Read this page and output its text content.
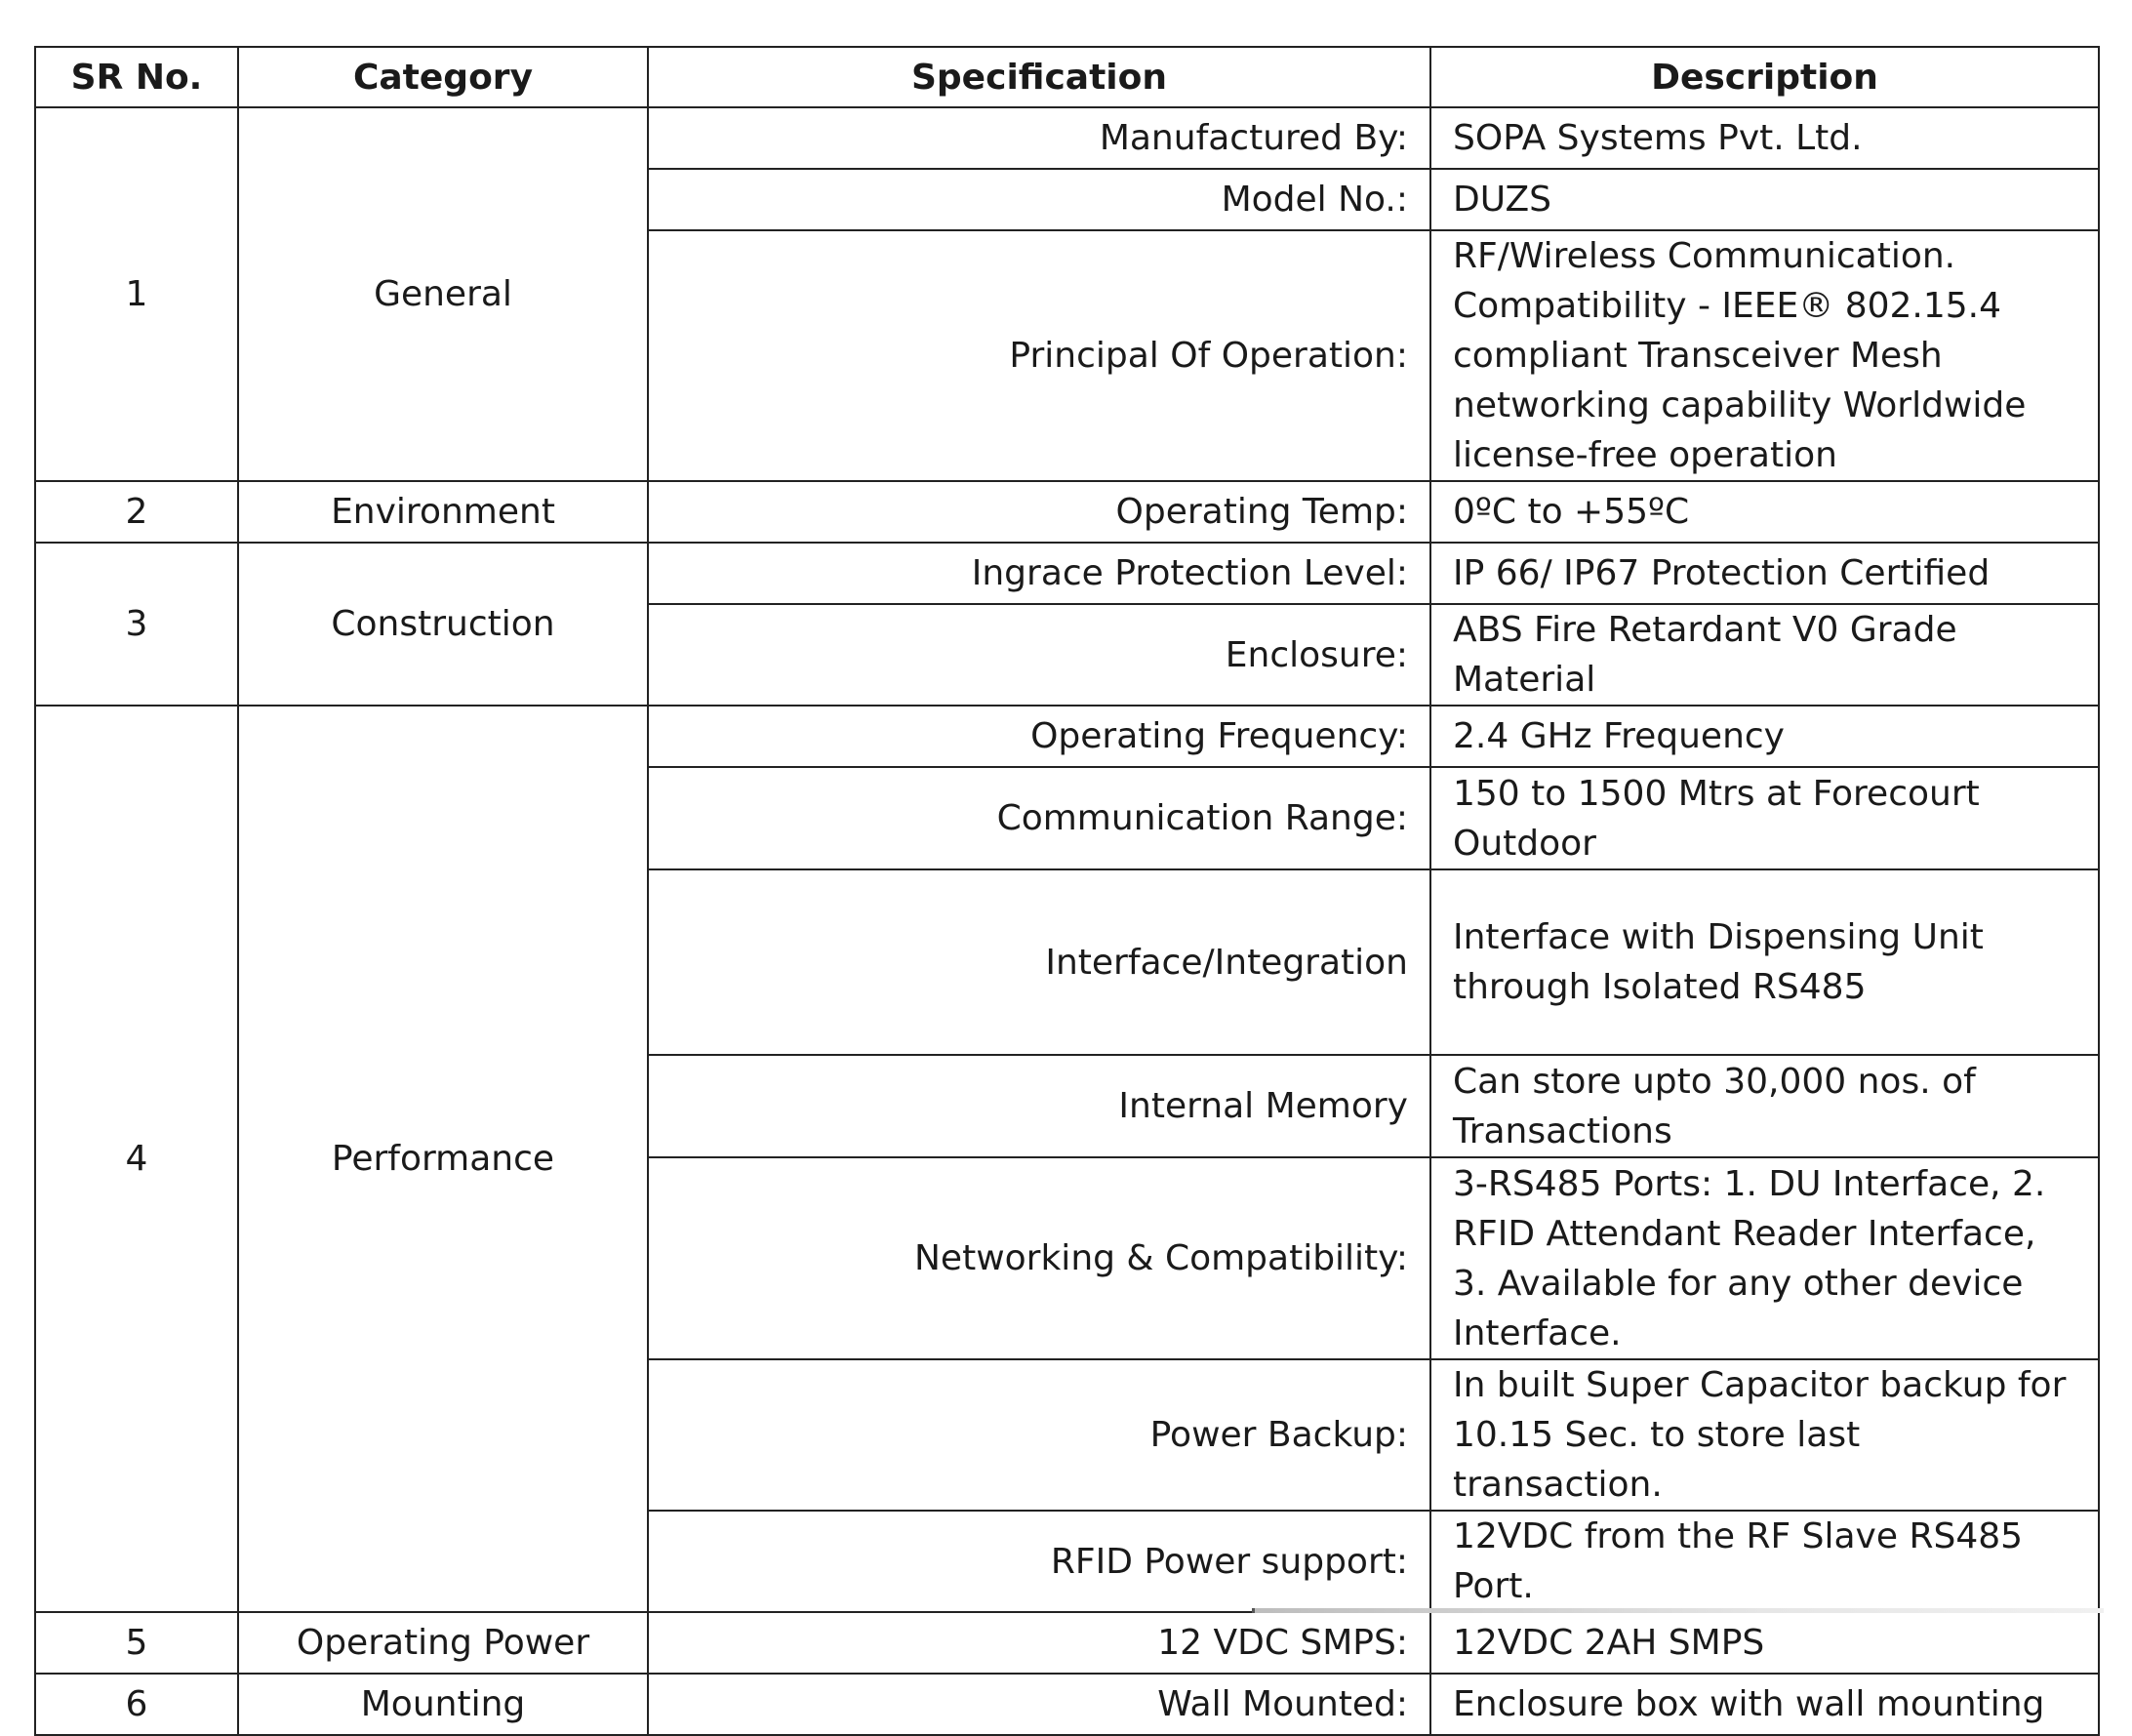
SR No.	Category	Specification	Description
1	General	Manufactured By:	SOPA Systems Pvt. Ltd.
		Model No.:	DUZS
		Principal Of Operation:	RF/Wireless Communication. Compatibility - IEEE® 802.15.4 compliant Transceiver Mesh networking capability Worldwide license-free operation
2	Environment	Operating Temp:	0ºC to +55ºC
3	Construction	Ingrace Protection Level:	IP 66/ IP67 Protection Certified
		Enclosure:	ABS Fire Retardant V0 Grade Material
4	Performance	Operating Frequency:	2.4 GHz Frequency
		Communication Range:	150 to 1500 Mtrs at Forecourt Outdoor
		Interface/Integration	Interface with Dispensing Unit through Isolated RS485
		Internal Memory	Can store upto 30,000 nos. of Transactions
		Networking & Compatibility:	3-RS485 Ports: 1. DU Interface, 2. RFID Attendant Reader Interface, 3. Available for any other device Interface.
		Power Backup:	In built Super Capacitor backup for 10.15 Sec. to store last transaction.
		RFID Power support:	12VDC from the RF Slave RS485 Port.
5	Operating Power	12 VDC SMPS:	12VDC 2AH SMPS
6	Mounting	Wall Mounted:	Enclosure box with wall mounting
